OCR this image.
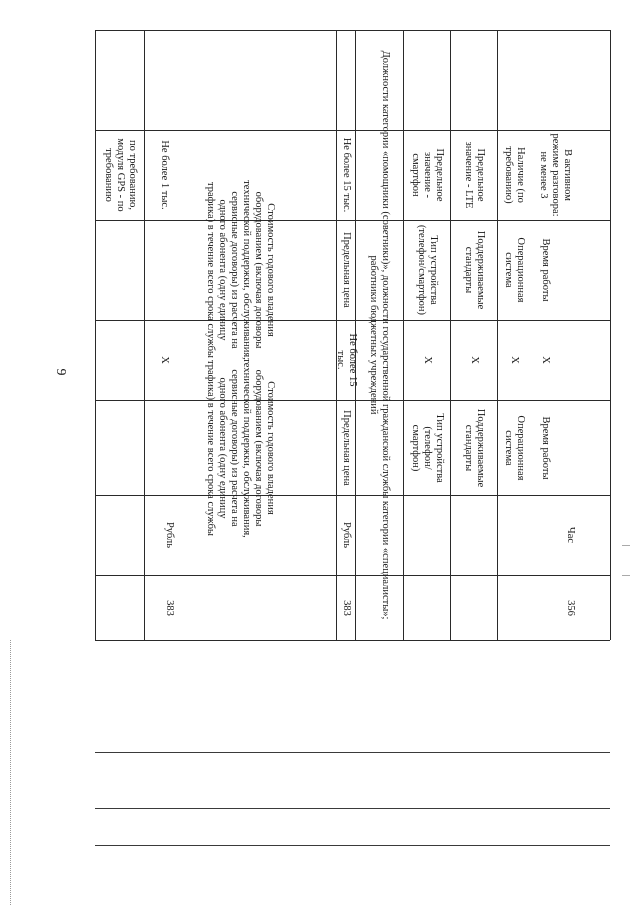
9
383
Рубль
Стоимость годового владения оборудованием (включая договоры технической поддержки, обслуживания, сервисные договоры) из расчета на одного абонента (одну единицу трафика) в течение всего срока службы
X
Стоимость годового владения оборудованием (включая договоры технической поддержки, обслуживания, сервисные договоры) из расчета на одного абонента (одну единицу трафика) в течение всего срока службы
по требованию, модуля GPS - по требованию	Не более 1 тыс.
383
Рубль
Предельная цена
Не более 15 тыс.
Предельная цена
Не более 15 тыс.	Должности категории «помощники (советники)», должности государственной гражданской службы категории «специалисты»; работники бюджетных учреждений
Тип устройства (телефон/смартфон)
X
Тип устройства (телефон/смартфон)
Предельное значение - смартфон
Поддерживаемые стандарты
X
Поддерживаемые стандарты
Предельное значение - LTE
Операционная система
X
Операционная система
Наличие (по требованию)
356
Час
Время работы
X
Время работы
В активном режиме разговора: не менее 3
